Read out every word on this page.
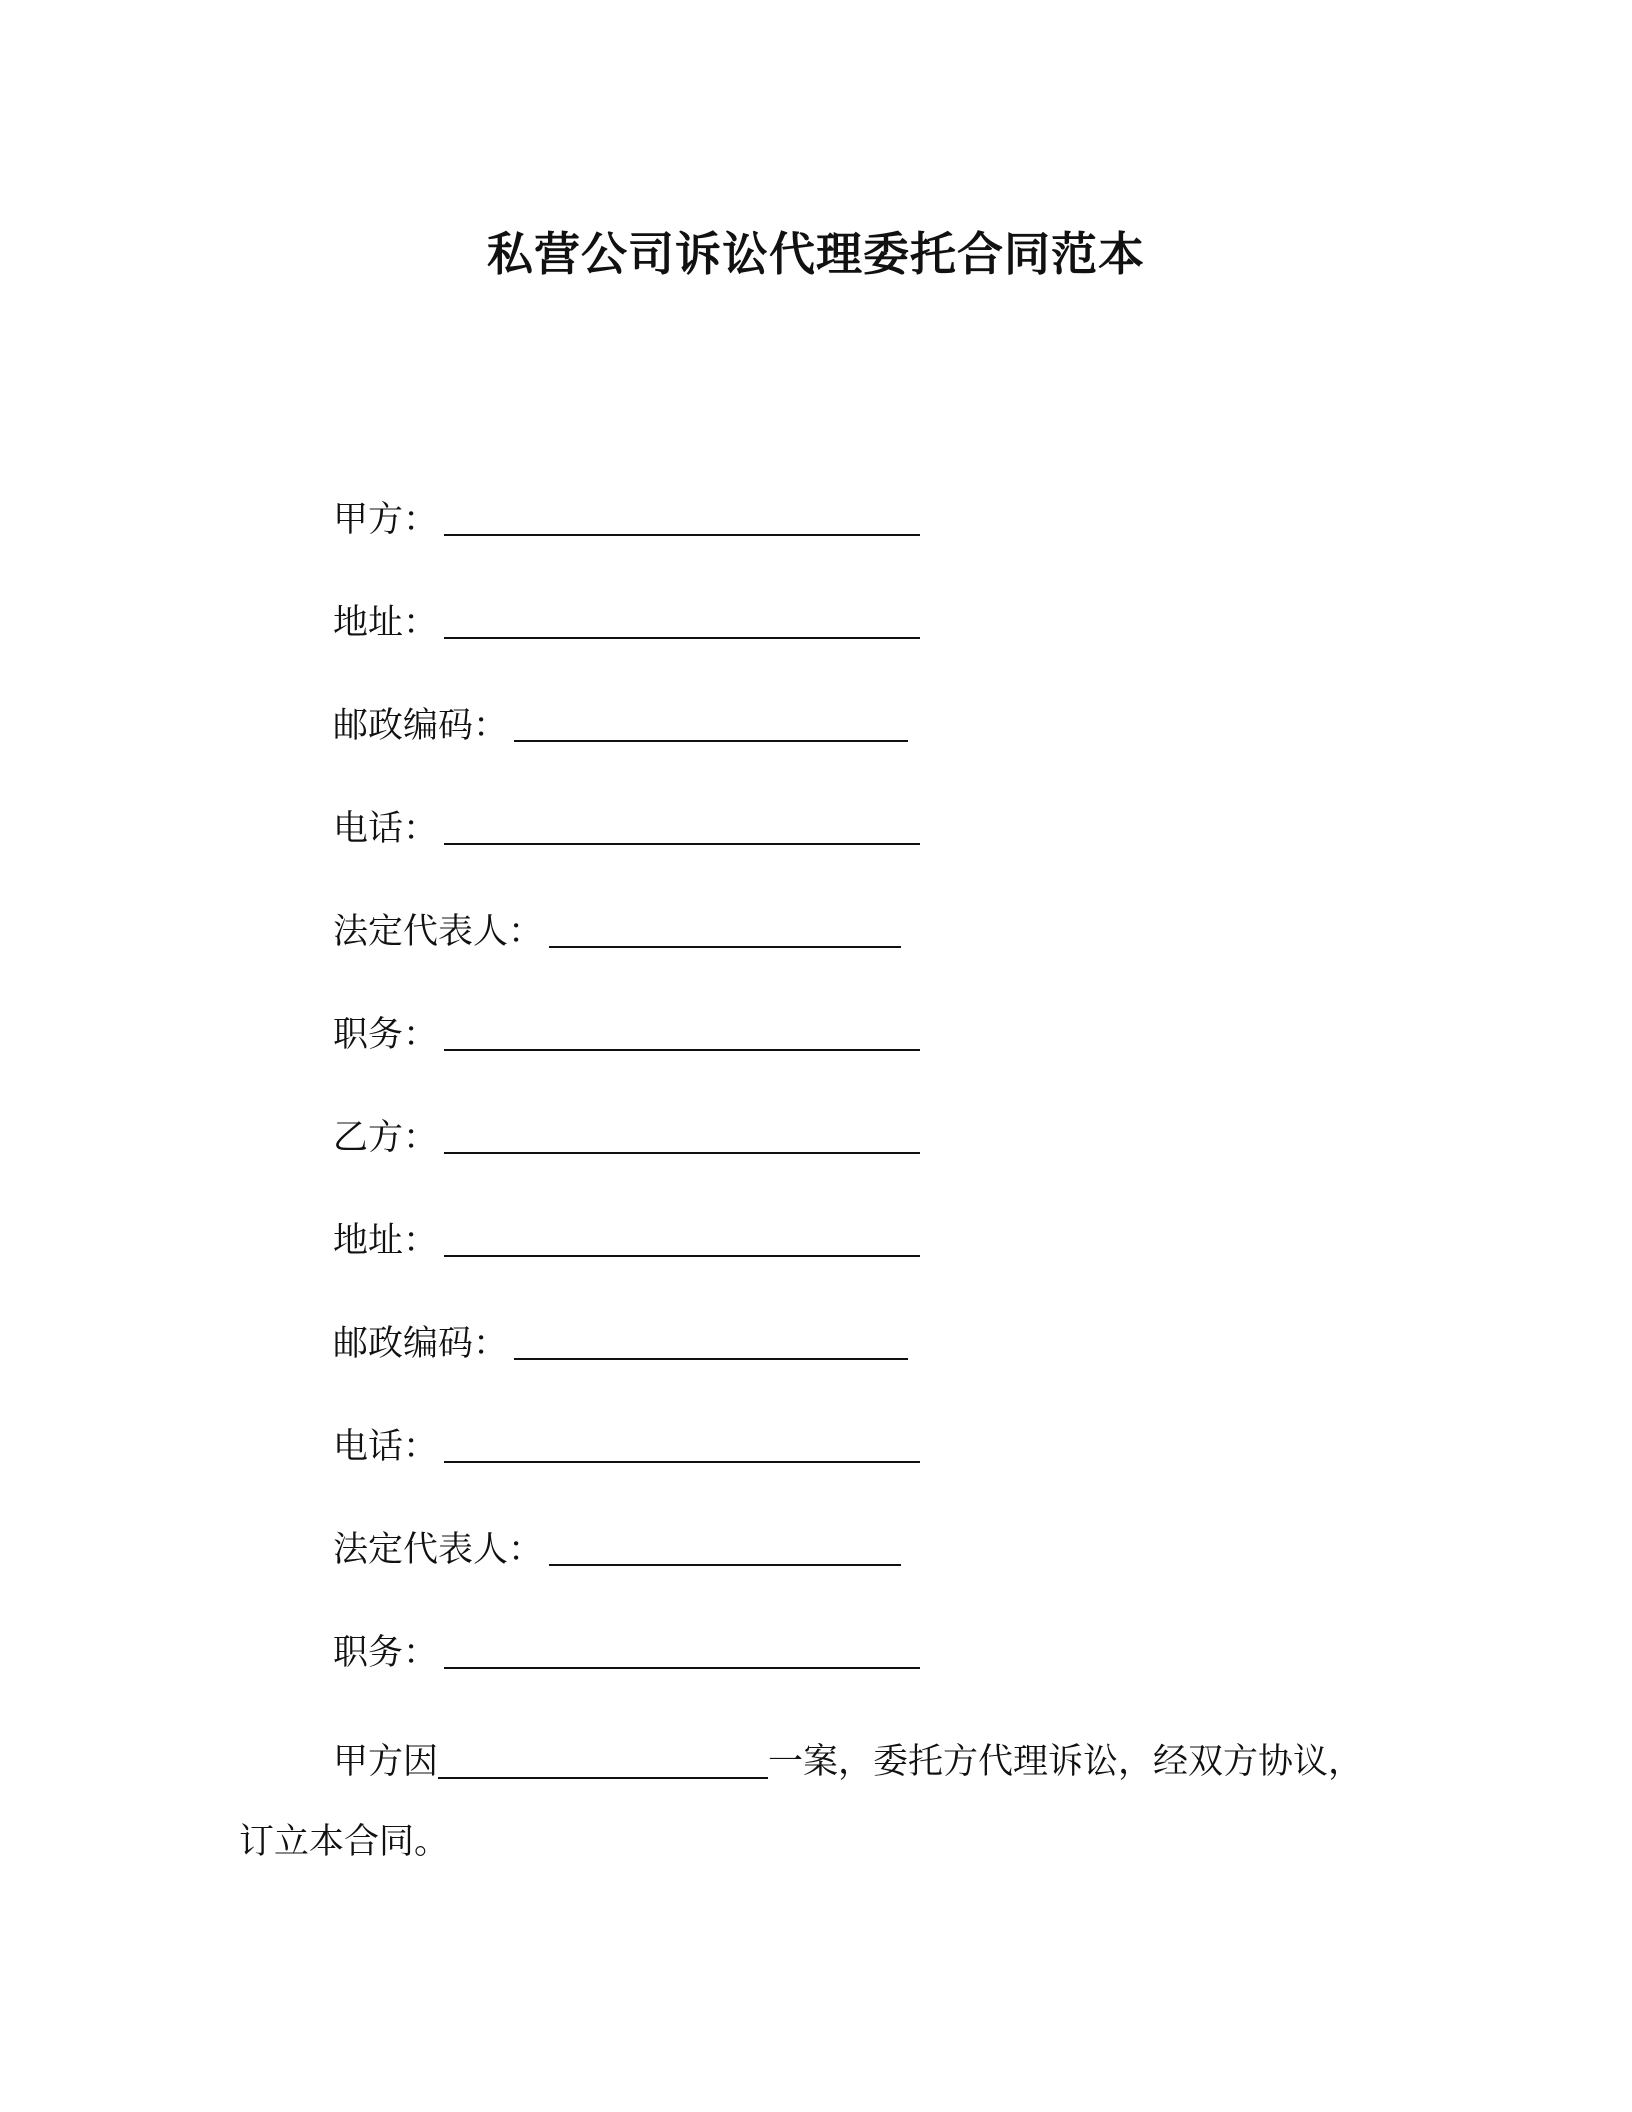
私营公司诉讼代理委托合同范本
甲方：
地址：
邮政编码：
电话：
法定代表人：
职务：
乙方：
地址：
邮政编码：
电话：
法定代表人：
职务：
甲方因	一案，委托方代理诉讼，经双方协议，
订立本合同。
